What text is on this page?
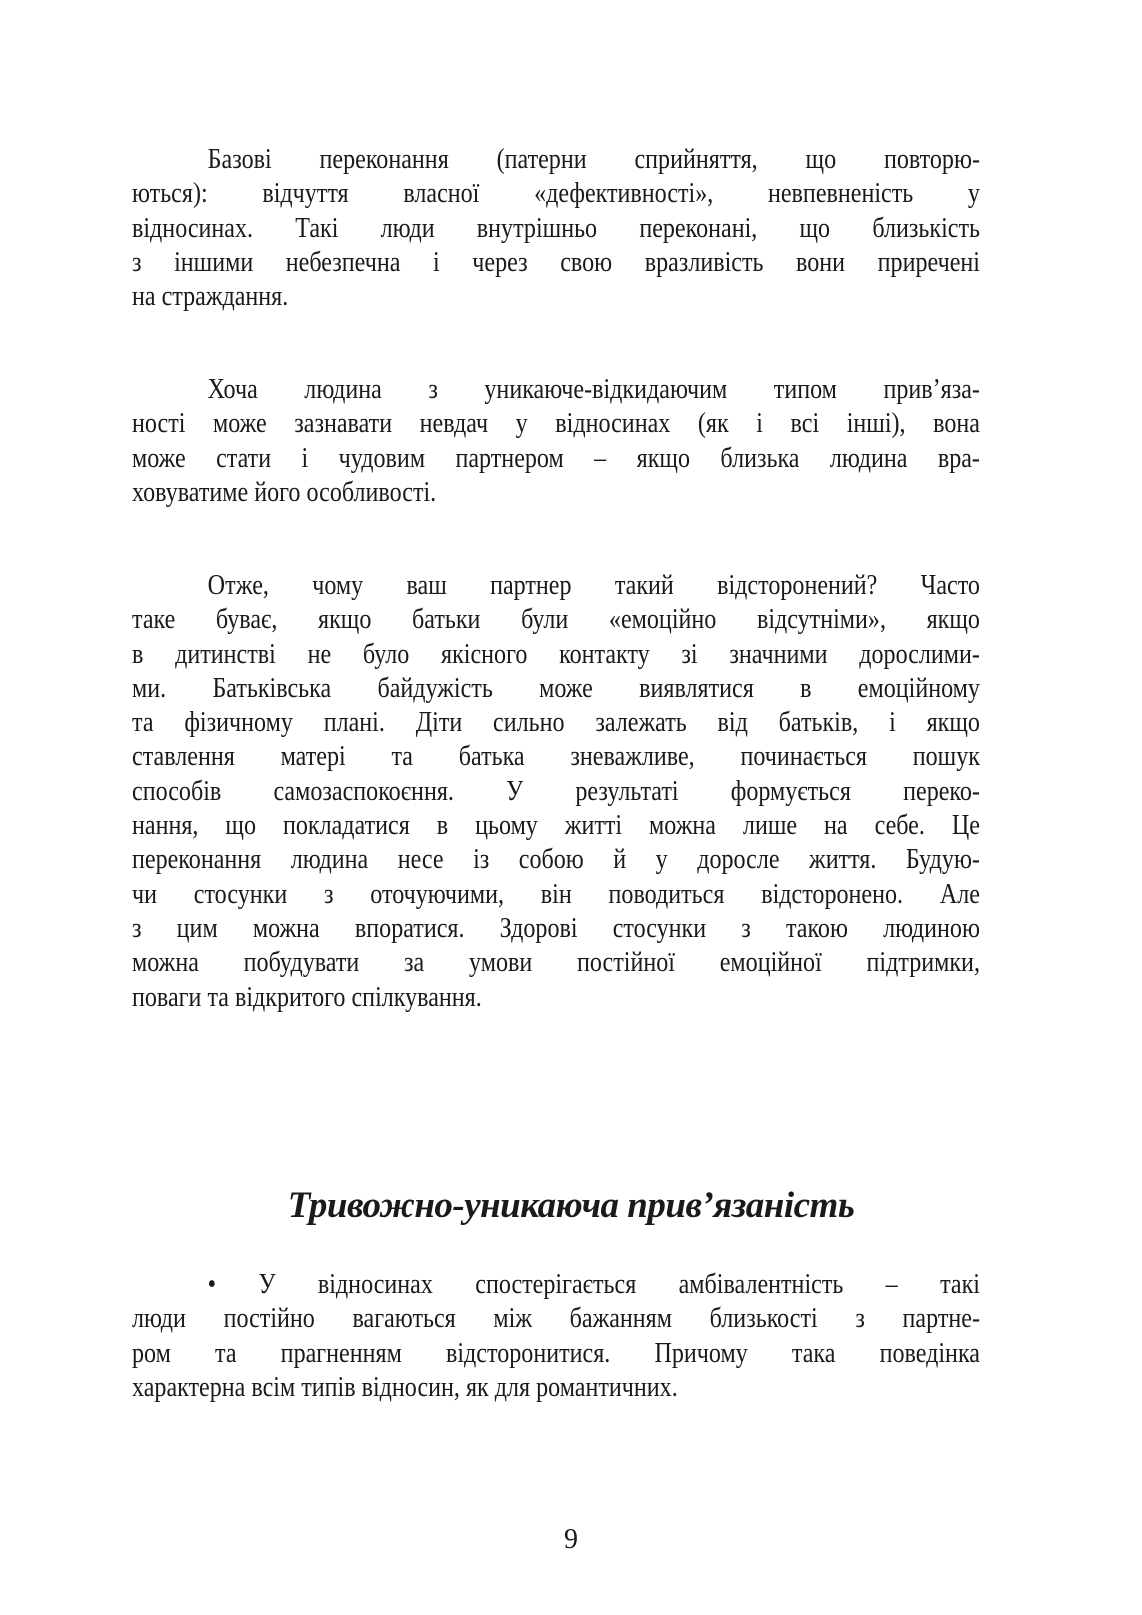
Базові переконання (патерни сприйняття, що повторю-
ються): відчуття власної «дефективності», невпевненість у
відносинах. Такі люди внутрішньо переконані, що близькість
з іншими небезпечна і через свою вразливість вони приречені
на страждання.

Хоча людина з уникаюче-відкидаючим типом прив’яза-
ності може зазнавати невдач у відносинах (як і всі інші), вона
може стати і чудовим партнером – якщо близька людина вра-
ховуватиме його особливості.

Отже, чому ваш партнер такий відсторонений? Часто
таке буває, якщо батьки були «емоційно відсутніми», якщо
в дитинстві не було якісного контакту зі значними дорослими-
ми. Батьківська байдужість може виявлятися в емоційному
та фізичному плані. Діти сильно залежать від батьків, і якщо
ставлення матері та батька зневажливе, починається пошук
способів самозаспокоєння. У результаті формується переко-
нання, що покладатися в цьому житті можна лише на себе. Це
переконання людина несе із собою й у доросле життя. Будую-
чи стосунки з оточуючими, він поводиться відсторонено. Але
з цим можна впоратися. Здорові стосунки з такою людиною
можна побудувати за умови постійної емоційної підтримки,
поваги та відкритого спілкування.

Тривожно-уникаюча прив’язаність

• У відносинах спостерігається амбівалентність – такі
люди постійно вагаються між бажанням близькості з партне-
ром та прагненням відсторонитися. Причому така поведінка
характерна всім типів відносин, як для романтичних.

9
